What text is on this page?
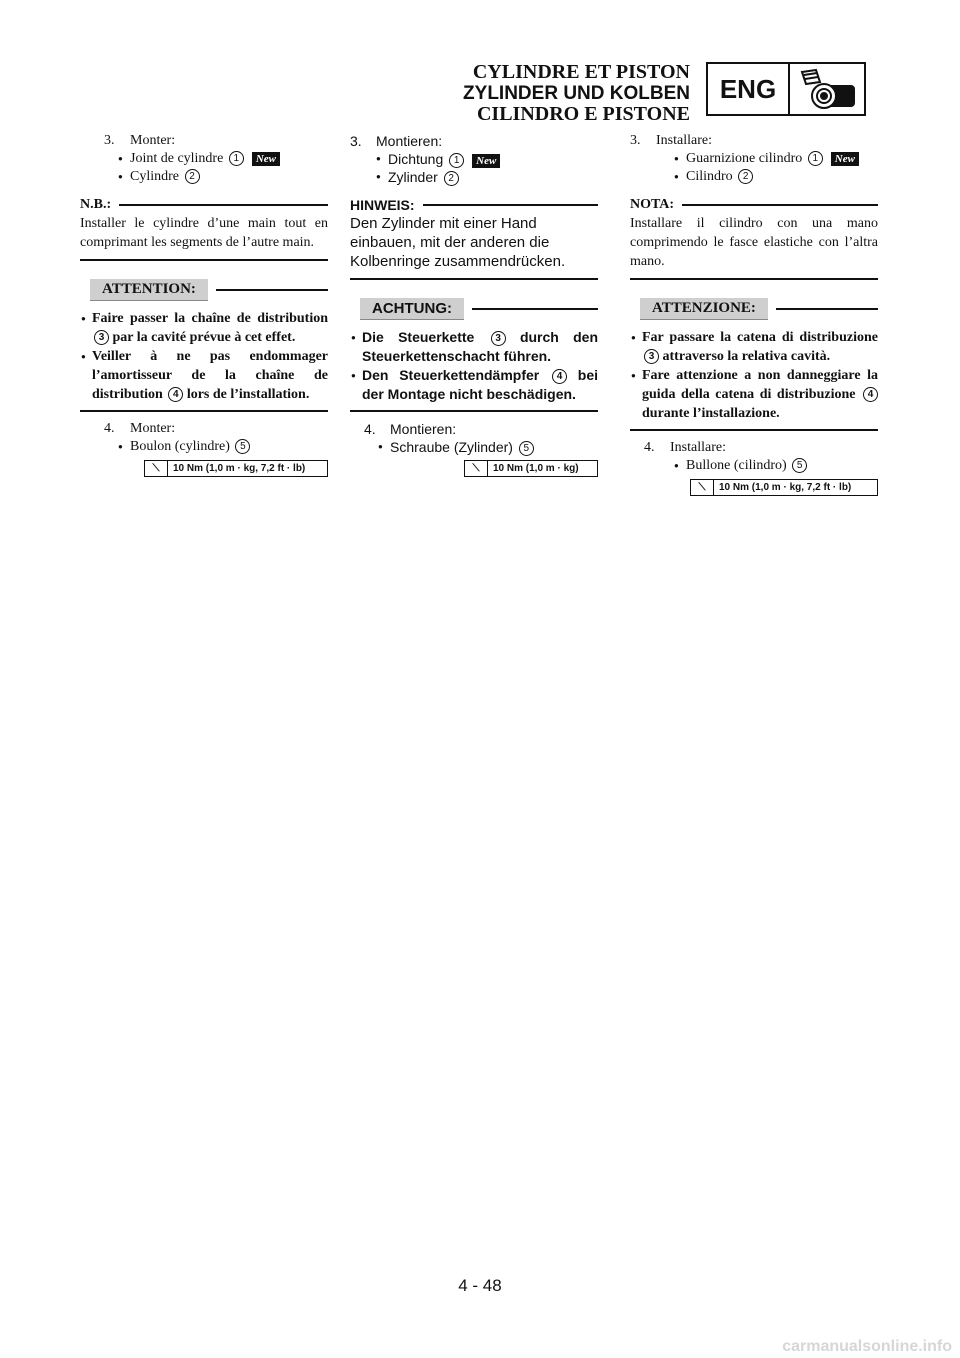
CYLINDRE ET PISTON
ZYLINDER UND KOLBEN
CILINDRO E PISTONE
ENG
3. Monter:
● Joint de cylindre 1 New
● Cylindre 2
N.B.:
Installer le cylindre d’une main tout en comprimant les segments de l’autre main.
ATTENTION:
● Faire passer la chaîne de distribution 3 par la cavité prévue à cet effet.
● Veiller à ne pas endommager l’amortisseur de la chaîne de distribution 4 lors de l’installation.
4. Monter:
● Boulon (cylindre) 5
⟍	10 Nm (1,0 m · kg, 7,2 ft · lb)
3. Montieren:
● Dichtung 1 New
● Zylinder 2
HINWEIS:
Den Zylinder mit einer Hand einbauen, mit der anderen die Kolbenringe zusammendrücken.
ACHTUNG:
● Die Steuerkette 3 durch den Steuerkettenschacht führen.
● Den Steuerkettendämpfer 4 bei der Montage nicht beschädigen.
4. Montieren:
● Schraube (Zylinder) 5
⟍	10 Nm (1,0 m · kg)
3. Installare:
● Guarnizione cilindro 1 New
● Cilindro 2
NOTA:
Installare il cilindro con una mano comprimendo le fasce elastiche con l’altra mano.
ATTENZIONE:
● Far passare la catena di distribuzione 3 attraverso la relativa cavità.
● Fare attenzione a non danneggiare la guida della catena di distribuzione 4 durante l’installazione.
4. Installare:
● Bullone (cilindro) 5
⟍	10 Nm (1,0 m · kg, 7,2 ft · lb)
4 - 48
carmanualsonline.info
